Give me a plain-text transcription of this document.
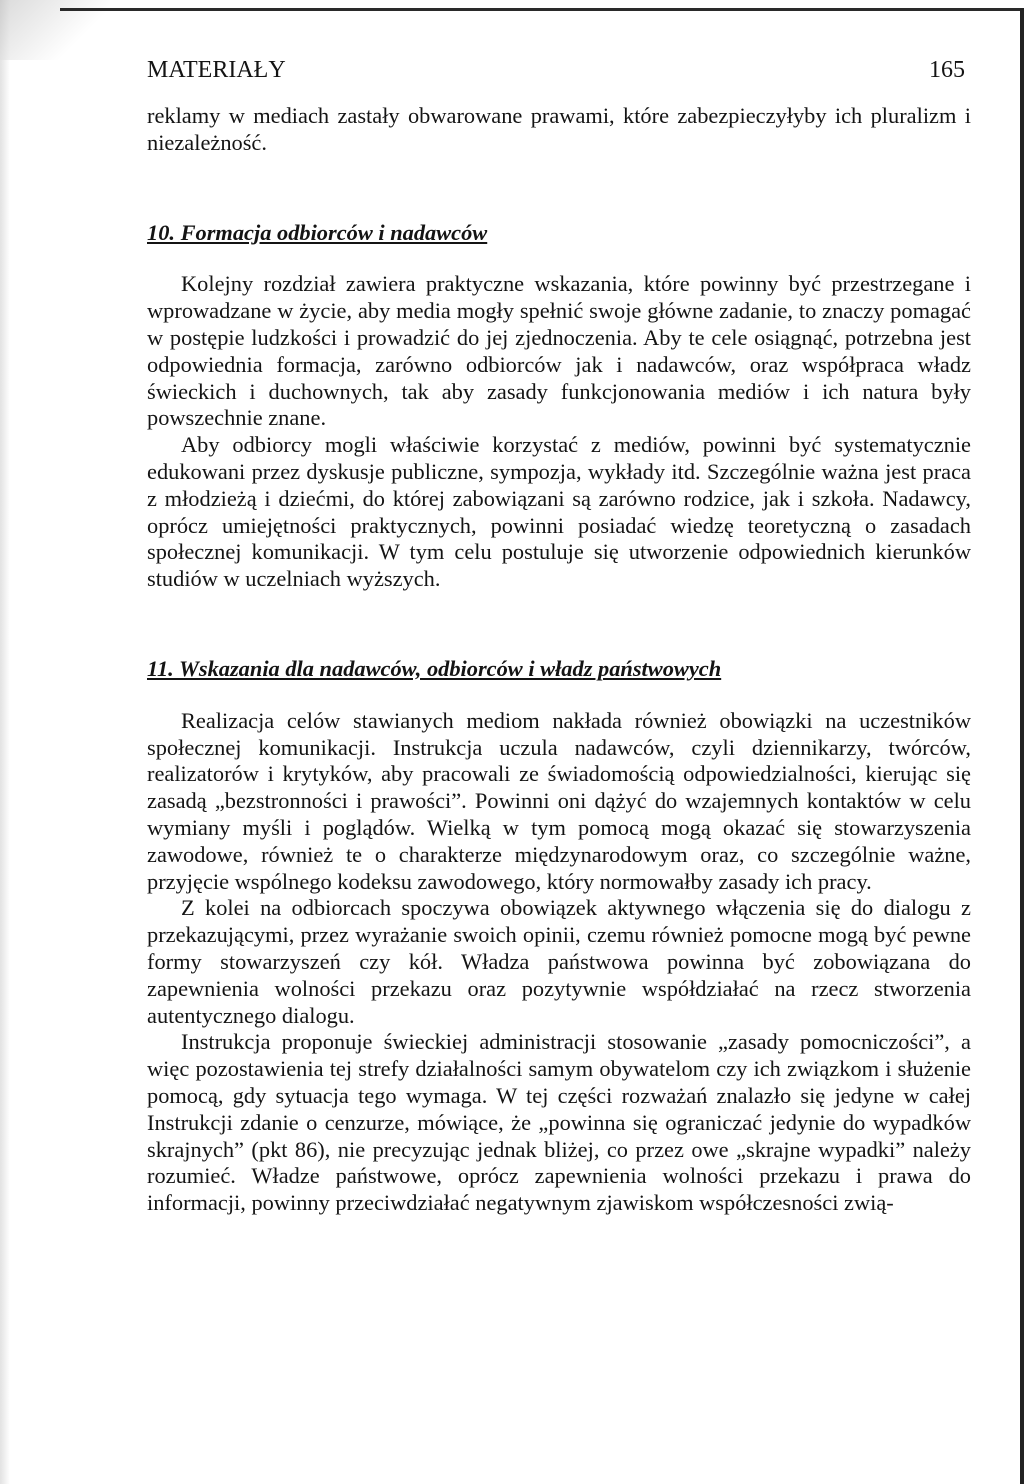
MATERIAŁY	165

reklamy w mediach zastały obwarowane prawami, które zabezpieczyłyby ich pluralizm i niezależność.

10. Formacja odbiorców i nadawców

Kolejny rozdział zawiera praktyczne wskazania, które powinny być przestrzegane i wprowadzane w życie, aby media mogły spełnić swoje główne zadanie, to znaczy pomagać w postępie ludzkości i prowadzić do jej zjednoczenia. Aby te cele osiągnąć, potrzebna jest odpowiednia formacja, zarówno odbiorców jak i nadawców, oraz współpraca władz świeckich i duchownych, tak aby zasady funkcjonowania mediów i ich natura były powszechnie znane.

Aby odbiorcy mogli właściwie korzystać z mediów, powinni być systematycznie edukowani przez dyskusje publiczne, sympozja, wykłady itd. Szczególnie ważna jest praca z młodzieżą i dziećmi, do której zabowiązani są zarówno rodzice, jak i szkoła. Nadawcy, oprócz umiejętności praktycznych, powinni posiadać wiedzę teoretyczną o zasadach społecznej komunikacji. W tym celu postuluje się utworzenie odpowiednich kierunków studiów w uczelniach wyższych.

11. Wskazania dla nadawców, odbiorców i władz państwowych

Realizacja celów stawianych mediom nakłada również obowiązki na uczestników społecznej komunikacji. Instrukcja uczula nadawców, czyli dziennikarzy, twórców, realizatorów i krytyków, aby pracowali ze świadomością odpowiedzialności, kierując się zasadą „bezstronności i prawości”. Powinni oni dążyć do wzajemnych kontaktów w celu wymiany myśli i poglądów. Wielką w tym pomocą mogą okazać się stowarzyszenia zawodowe, również te o charakterze międzynarodowym oraz, co szczególnie ważne, przyjęcie wspólnego kodeksu zawodowego, który normowałby zasady ich pracy.

Z kolei na odbiorcach spoczywa obowiązek aktywnego włączenia się do dialogu z przekazującymi, przez wyrażanie swoich opinii, czemu również pomocne mogą być pewne formy stowarzyszeń czy kół. Władza państwowa powinna być zobowiązana do zapewnienia wolności przekazu oraz pozytywnie współdziałać na rzecz stworzenia autentycznego dialogu.

Instrukcja proponuje świeckiej administracji stosowanie „zasady pomocniczości”, a więc pozostawienia tej strefy działalności samym obywatelom czy ich związkom i służenie pomocą, gdy sytuacja tego wymaga. W tej części rozważań znalazło się jedyne w całej Instrukcji zdanie o cenzurze, mówiące, że „powinna się ograniczać jedynie do wypadków skrajnych” (pkt 86), nie precyzując jednak bliżej, co przez owe „skrajne wypadki” należy rozumieć. Władze państwowe, oprócz zapewnienia wolności przekazu i prawa do informacji, powinny przeciwdziałać negatywnym zjawiskom współczesności zwią-
